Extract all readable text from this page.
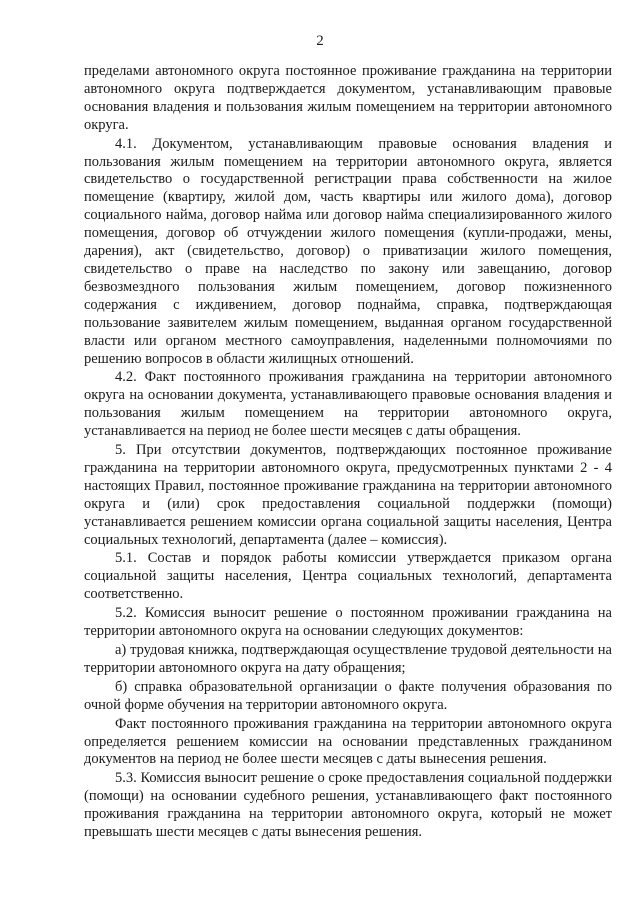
2

пределами автономного округа постоянное проживание гражданина на территории автономного округа подтверждается документом, устанавливающим правовые основания владения и пользования жилым помещением на территории автономного округа.

4.1. Документом, устанавливающим правовые основания владения и пользования жилым помещением на территории автономного округа, является свидетельство о государственной регистрации права собственности на жилое помещение (квартиру, жилой дом, часть квартиры или жилого дома), договор социального найма, договор найма или договор найма специализированного жилого помещения, договор об отчуждении жилого помещения (купли-продажи, мены, дарения), акт (свидетельство, договор) о приватизации жилого помещения, свидетельство о праве на наследство по закону или завещанию, договор безвозмездного пользования жилым помещением, договор пожизненного содержания с иждивением, договор поднайма, справка, подтверждающая пользование заявителем жилым помещением, выданная органом государственной власти или органом местного самоуправления, наделенными полномочиями по решению вопросов в области жилищных отношений.

4.2. Факт постоянного проживания гражданина на территории автономного округа на основании документа, устанавливающего правовые основания владения и пользования жилым помещением на территории автономного округа, устанавливается на период не более шести месяцев с даты обращения.

5. При отсутствии документов, подтверждающих постоянное проживание гражданина на территории автономного округа, предусмотренных пунктами 2 - 4 настоящих Правил, постоянное проживание гражданина на территории автономного округа и (или) срок предоставления социальной поддержки (помощи) устанавливается решением комиссии органа социальной защиты населения, Центра социальных технологий, департамента (далее – комиссия).

5.1. Состав и порядок работы комиссии утверждается приказом органа социальной защиты населения, Центра социальных технологий, департамента соответственно.

5.2. Комиссия выносит решение о постоянном проживании гражданина на территории автономного округа на основании следующих документов:

а) трудовая книжка, подтверждающая осуществление трудовой деятельности на территории автономного округа на дату обращения;

б) справка образовательной организации о факте получения образования по очной форме обучения на территории автономного округа.

Факт постоянного проживания гражданина на территории автономного округа определяется решением комиссии на основании представленных гражданином документов на период не более шести месяцев с даты вынесения решения.

5.3. Комиссия выносит решение о сроке предоставления социальной поддержки (помощи) на основании судебного решения, устанавливающего факт постоянного проживания гражданина на территории автономного округа, который не может превышать шести месяцев с даты вынесения решения.
